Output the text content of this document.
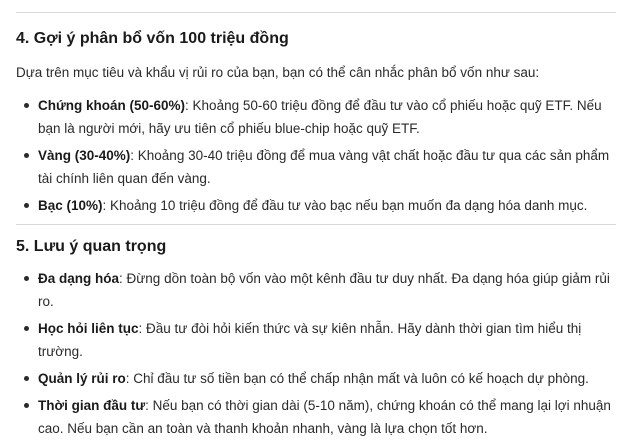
4. Gợi ý phân bổ vốn 100 triệu đồng

Dựa trên mục tiêu và khẩu vị rủi ro của bạn, bạn có thể cân nhắc phân bổ vốn như sau:

Chứng khoán (50-60%): Khoảng 50-60 triệu đồng để đầu tư vào cổ phiếu hoặc quỹ ETF. Nếu bạn là người mới, hãy ưu tiên cổ phiếu blue-chip hoặc quỹ ETF.
Vàng (30-40%): Khoảng 30-40 triệu đồng để mua vàng vật chất hoặc đầu tư qua các sản phẩm tài chính liên quan đến vàng.
Bạc (10%): Khoảng 10 triệu đồng để đầu tư vào bạc nếu bạn muốn đa dạng hóa danh mục.
5. Lưu ý quan trọng
Đa dạng hóa: Đừng dồn toàn bộ vốn vào một kênh đầu tư duy nhất. Đa dạng hóa giúp giảm rủi ro.
Học hỏi liên tục: Đầu tư đòi hỏi kiến thức và sự kiên nhẫn. Hãy dành thời gian tìm hiểu thị trường.
Quản lý rủi ro: Chỉ đầu tư số tiền bạn có thể chấp nhận mất và luôn có kế hoạch dự phòng.
Thời gian đầu tư: Nếu bạn có thời gian dài (5-10 năm), chứng khoán có thể mang lại lợi nhuận cao. Nếu bạn cần an toàn và thanh khoản nhanh, vàng là lựa chọn tốt hơn.
